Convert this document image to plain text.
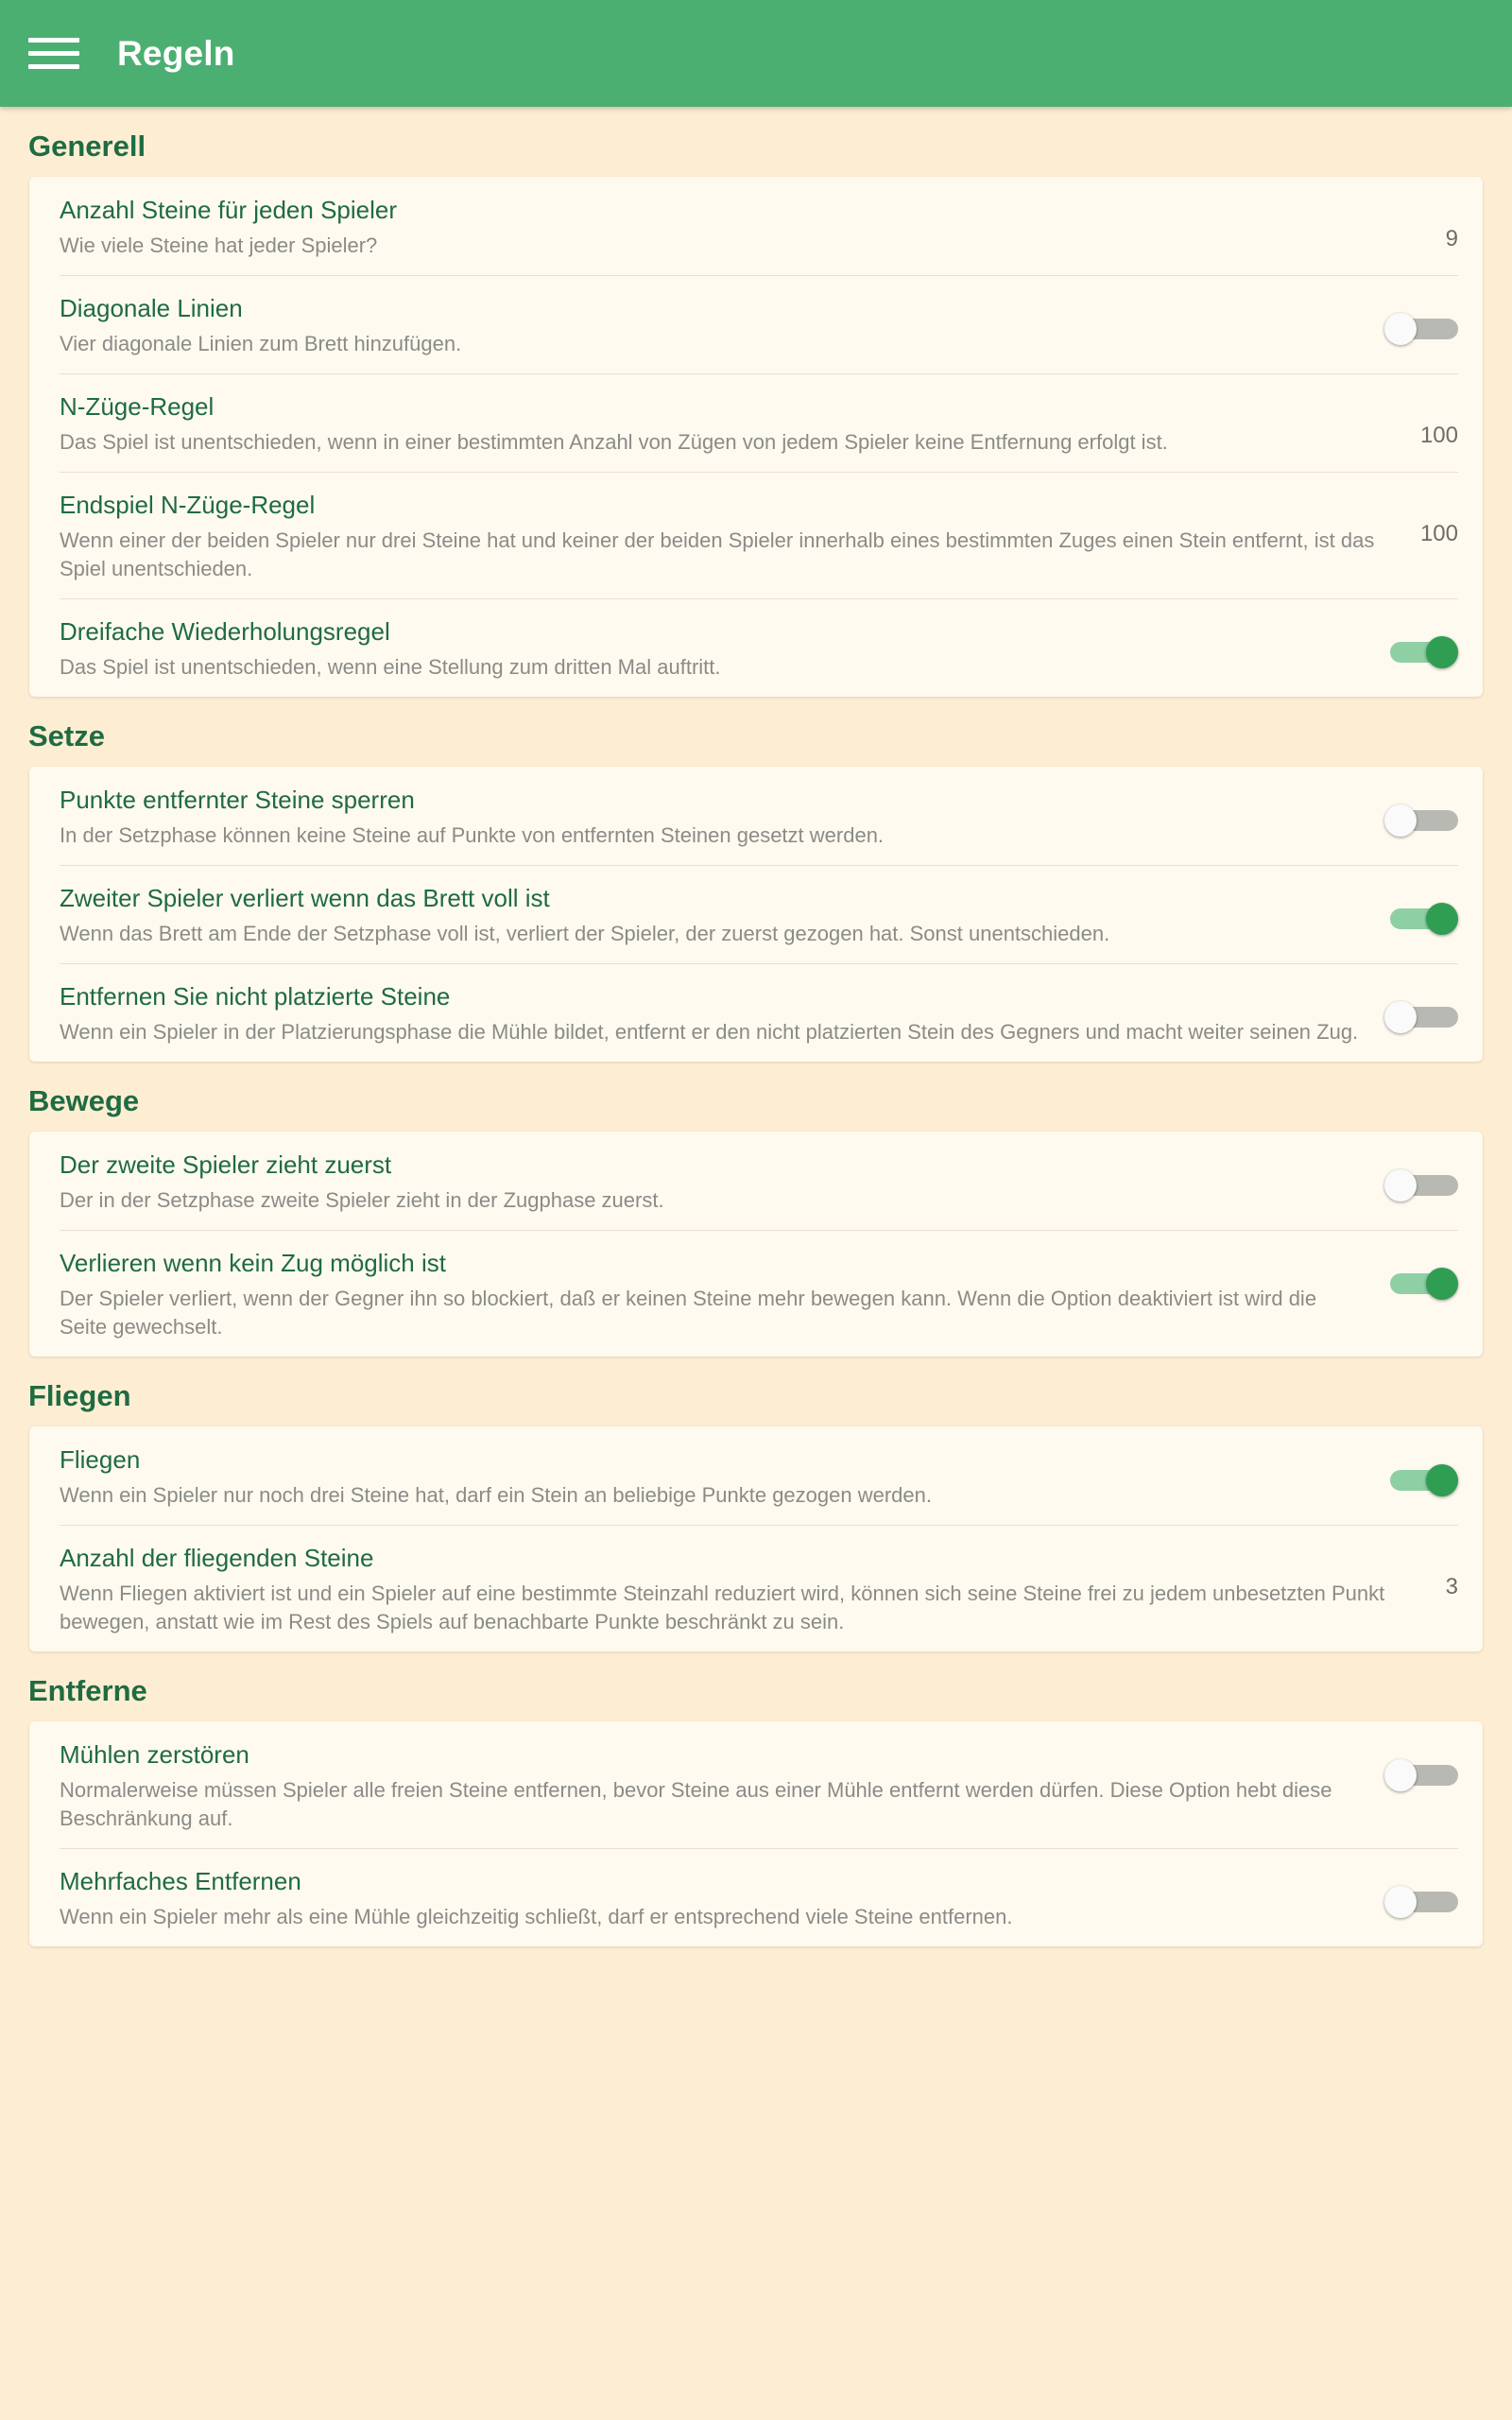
Regeln
Generell
Anzahl Steine für jeden Spieler
Wie viele Steine hat jeder Spieler?	9
Diagonale Linien
Vier diagonale Linien zum Brett hinzufügen.
N-Züge-Regel
Das Spiel ist unentschieden, wenn in einer bestimmten Anzahl von Zügen von jedem Spieler keine Entfernung erfolgt ist.	100
Endspiel N-Züge-Regel
Wenn einer der beiden Spieler nur drei Steine hat und keiner der beiden Spieler innerhalb eines bestimmten Zuges einen Stein entfernt, ist das Spiel unentschieden.
100
Dreifache Wiederholungsregel
Das Spiel ist unentschieden, wenn eine Stellung zum dritten Mal auftritt.
Setze
Punkte entfernter Steine sperren
In der Setzphase können keine Steine auf Punkte von entfernten Steinen gesetzt werden.
Zweiter Spieler verliert wenn das Brett voll ist
Wenn das Brett am Ende der Setzphase voll ist, verliert der Spieler, der zuerst gezogen hat. Sonst unentschieden.
Entfernen Sie nicht platzierte Steine
Wenn ein Spieler in der Platzierungsphase die Mühle bildet, entfernt er den nicht platzierten Stein des Gegners und macht weiter seinen Zug.
Bewege
Der zweite Spieler zieht zuerst
Der in der Setzphase zweite Spieler zieht in der Zugphase zuerst.
Verlieren wenn kein Zug möglich ist
Der Spieler verliert, wenn der Gegner ihn so blockiert, daß er keinen Steine mehr bewegen kann. Wenn die Option deaktiviert ist wird die Seite gewechselt.
Fliegen
Fliegen
Wenn ein Spieler nur noch drei Steine hat, darf ein Stein an beliebige Punkte gezogen werden.
Anzahl der fliegenden Steine
Wenn Fliegen aktiviert ist und ein Spieler auf eine bestimmte Steinzahl reduziert wird, können sich seine Steine frei zu jedem unbesetzten Punkt bewegen, anstatt wie im Rest des Spiels auf benachbarte Punkte beschränkt zu sein.
3
Entferne
Mühlen zerstören
Normalerweise müssen Spieler alle freien Steine entfernen, bevor Steine aus einer Mühle entfernt werden dürfen. Diese Option hebt diese Beschränkung auf.
Mehrfaches Entfernen
Wenn ein Spieler mehr als eine Mühle gleichzeitig schließt, darf er entsprechend viele Steine entfernen.
